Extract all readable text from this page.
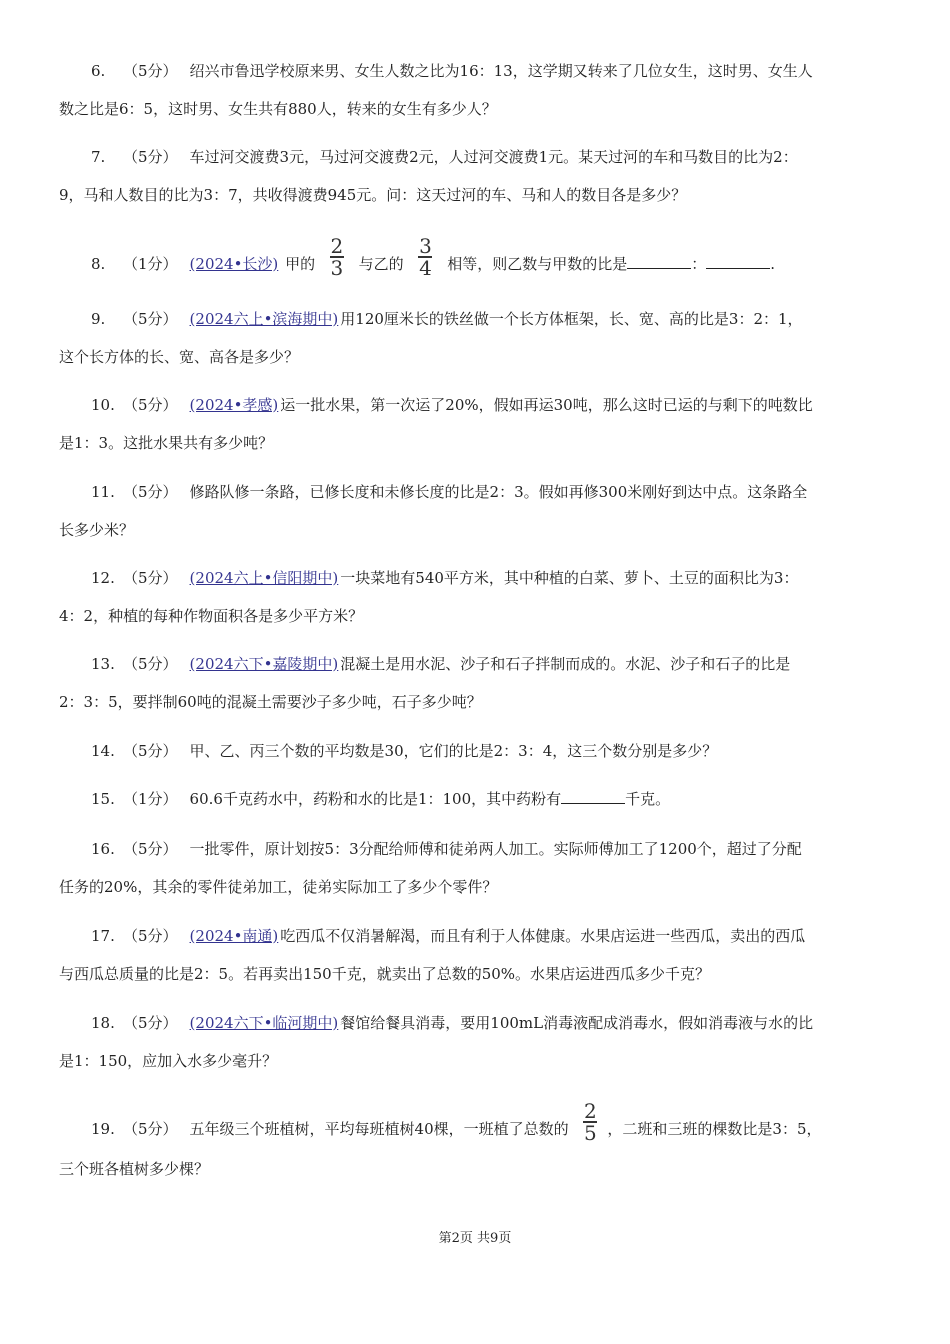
6. （5分） 绍兴市鲁迅学校原来男、女生人数之比为16：13，这学期又转来了几位女生，这时男、女生人
数之比是6：5，这时男、女生共有880人，转来的女生有多少人？
7. （5分） 车过河交渡费3元，马过河交渡费2元，人过河交渡费1元。某天过河的车和马数目的比为2：
9，马和人数目的比为3：7，共收得渡费945元。问：这天过河的车、马和人的数目各是多少？
8. （1分） (2024•长沙) 甲的 $\frac{2}{3}$ 与乙的 $\frac{3}{4}$ 相等，则乙数与甲数的比是	：	.
9. （5分） (2024六上•滨海期中) 用120厘米长的铁丝做一个长方体框架，长、宽、高的比是3：2：1，
这个长方体的长、宽、高各是多少？
10. （5分） (2024•孝感) 运一批水果，第一次运了20%，假如再运30吨，那么这时已运的与剩下的吨数比
是1：3。这批水果共有多少吨？
11. （5分） 修路队修一条路，已修长度和未修长度的比是2：3。假如再修300米刚好到达中点。这条路全
长多少米？
12. （5分） (2024六上•信阳期中) 一块菜地有540平方米，其中种植的白菜、萝卜、土豆的面积比为3：
4：2，种植的每种作物面积各是多少平方米？
13. （5分） (2024六下•嘉陵期中) 混凝土是用水泥、沙子和石子拌制而成的。水泥、沙子和石子的比是
2：3：5，要拌制60吨的混凝土需要沙子多少吨，石子多少吨？
14. （5分） 甲、乙、丙三个数的平均数是30，它们的比是2：3：4，这三个数分别是多少？
15. （1分） 60.6千克药水中，药粉和水的比是1：100，其中药粉有	千克。
16. （5分） 一批零件，原计划按5：3分配给师傅和徒弟两人加工。实际师傅加工了1200个，超过了分配
任务的20%，其余的零件徒弟加工，徒弟实际加工了多少个零件？
17. （5分） (2024•南通) 吃西瓜不仅消暑解渴，而且有利于人体健康。水果店运进一些西瓜，卖出的西瓜
与西瓜总质量的比是2：5。若再卖出150千克，就卖出了总数的50%。水果店运进西瓜多少千克？
18. （5分） (2024六下•临河期中) 餐馆给餐具消毒，要用100mL消毒液配成消毒水，假如消毒液与水的比
是1：150，应加入水多少毫升？
19. （5分） 五年级三个班植树，平均每班植树40棵，一班植了总数的 $\frac{2}{5}$ ，二班和三班的棵数比是3：5，
三个班各植树多少棵？
第2页 共9页
